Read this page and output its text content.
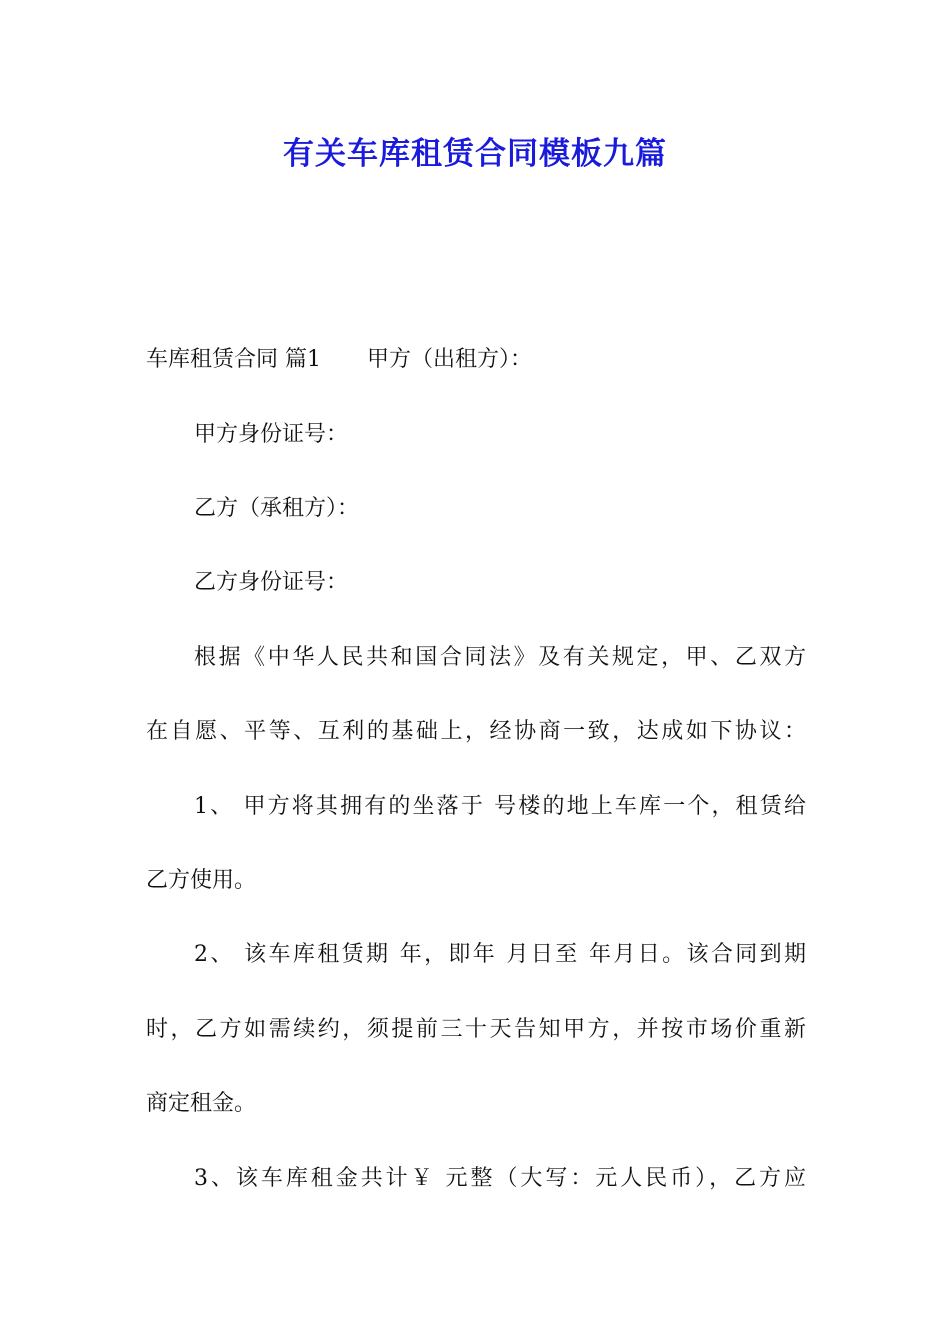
有关车库租赁合同模板九篇

车库租赁合同 篇1 甲方（出租方）：

甲方身份证号：

乙方（承租方）：

乙方身份证号：

根据《中华人民共和国合同法》及有关规定，甲、乙双方

在自愿、平等、互利的基础上，经协商一致，达成如下协议：

1、 甲方将其拥有的坐落于 号楼的地上车库一个，租赁给

乙方使用。

2、 该车库租赁期 年，即年 月日至 年月日。该合同到期

时，乙方如需续约，须提前三十天告知甲方，并按市场价重新

商定租金。

3、该车库租金共计￥ 元整（大写：元人民币），乙方应
